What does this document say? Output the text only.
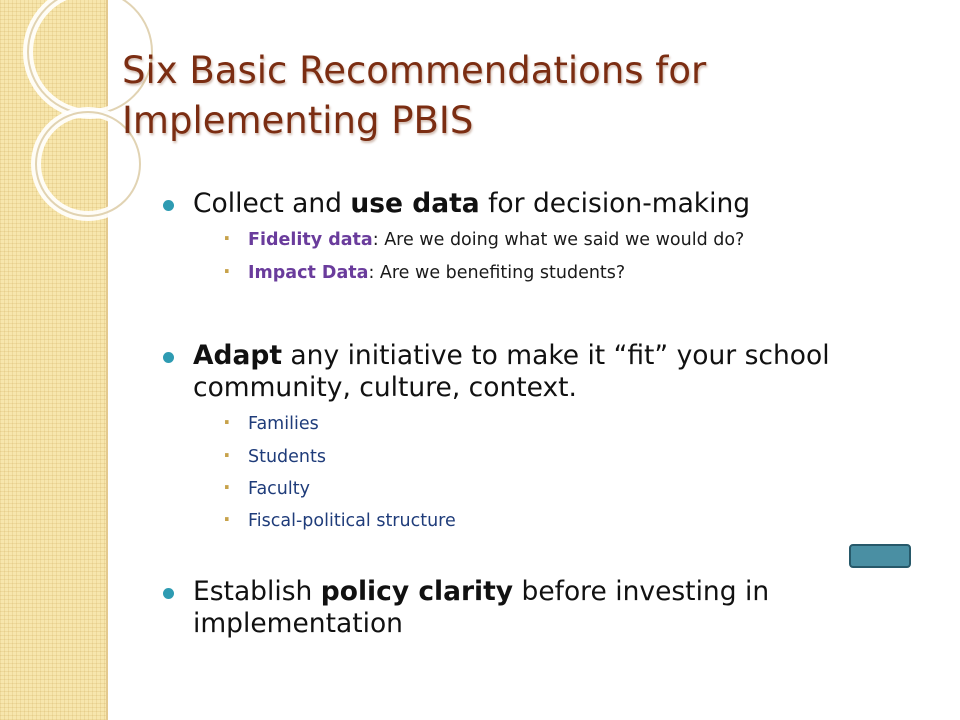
Six Basic Recommendations for
Implementing PBIS
Collect and use data for decision-making
· Fidelity data: Are we doing what we said we would do?
· Impact Data: Are we benefiting students?
Adapt any initiative to make it “fit” your school
community, culture, context.
· Families
· Students
· Faculty
· Fiscal-political structure
Establish policy clarity before investing in
implementation
